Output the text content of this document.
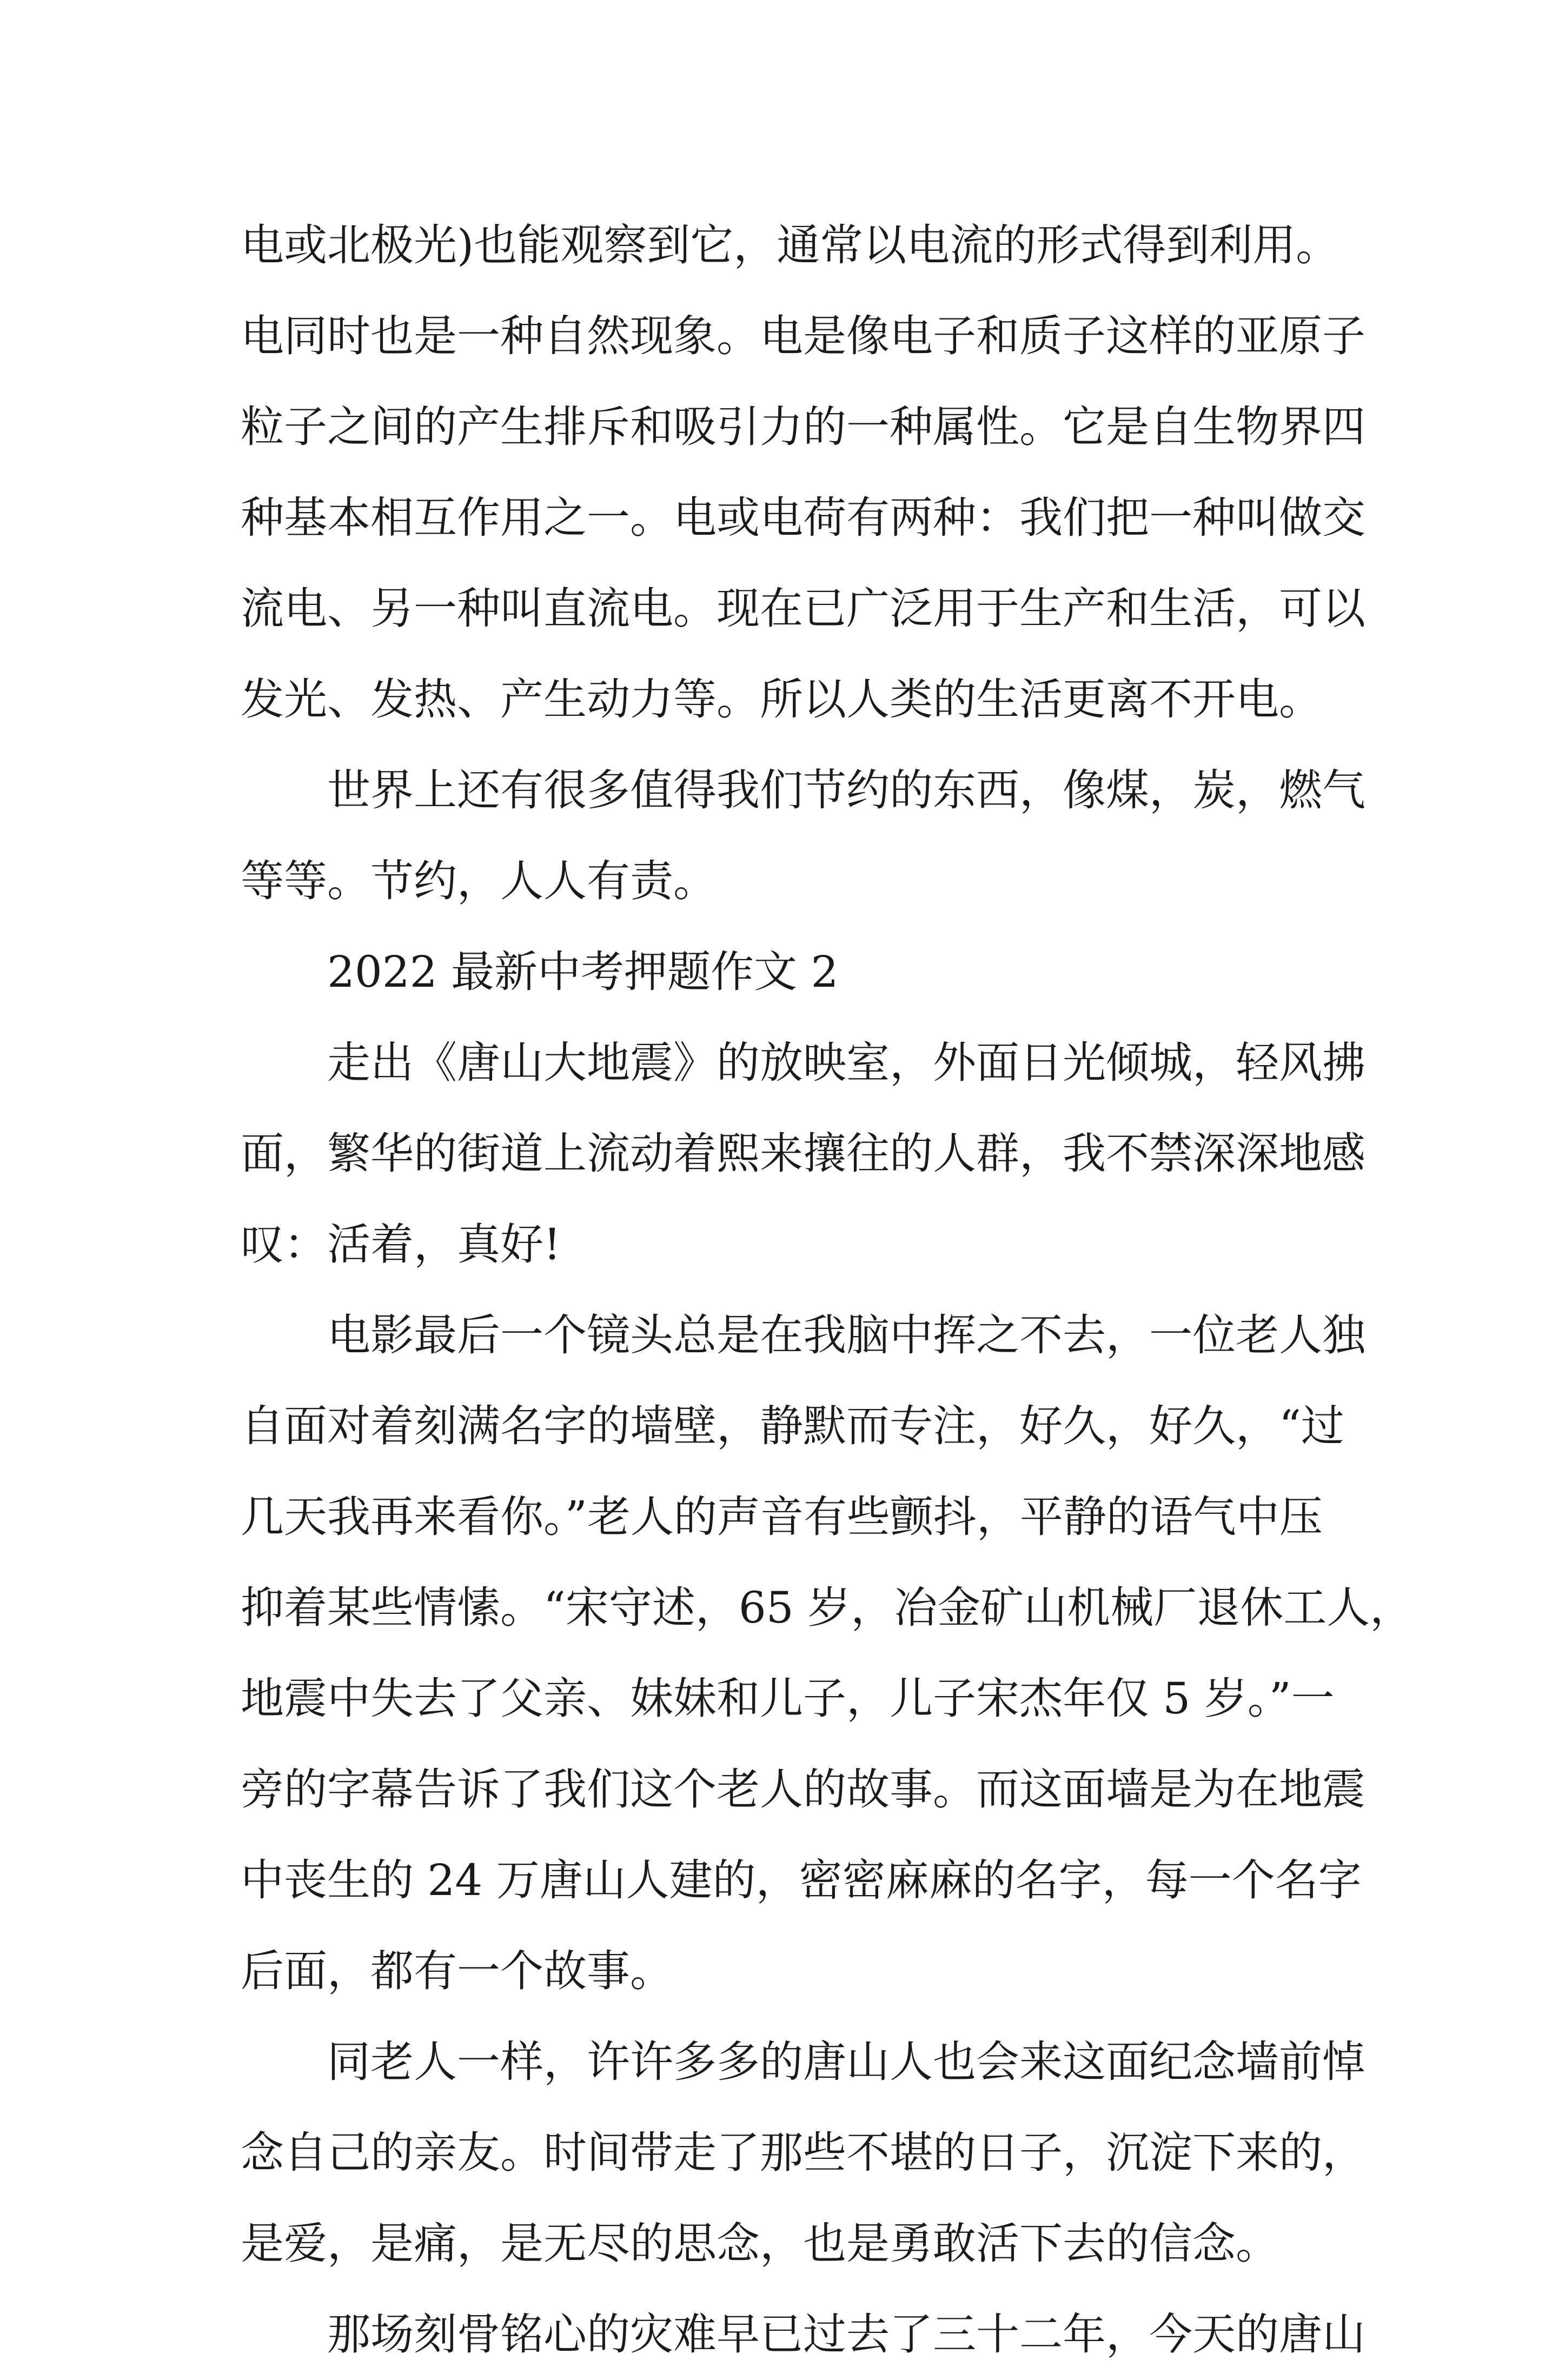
电或北极光)也能观察到它，通常以电流的形式得到利用。
电同时也是一种自然现象。电是像电子和质子这样的亚原子
粒子之间的产生排斥和吸引力的一种属性。它是自生物界四
种基本相互作用之一。电或电荷有两种：我们把一种叫做交
流电、另一种叫直流电。现在已广泛用于生产和生活，可以
发光、发热、产生动力等。所以人类的生活更离不开电。
世界上还有很多值得我们节约的东西，像煤，炭，燃气
等等。节约，人人有责。
2022 最新中考押题作文 2
走出《唐山大地震》的放映室，外面日光倾城，轻风拂
面，繁华的街道上流动着熙来攘往的人群，我不禁深深地感
叹：活着，真好!
电影最后一个镜头总是在我脑中挥之不去，一位老人独
自面对着刻满名字的墙壁，静默而专注，好久，好久，“过
几天我再来看你。”老人的声音有些颤抖，平静的语气中压
抑着某些情愫。“宋守述，65 岁，冶金矿山机械厂退休工人，
地震中失去了父亲、妹妹和儿子，儿子宋杰年仅 5 岁。”一
旁的字幕告诉了我们这个老人的故事。而这面墙是为在地震
中丧生的 24 万唐山人建的，密密麻麻的名字，每一个名字
后面，都有一个故事。
同老人一样，许许多多的唐山人也会来这面纪念墙前悼
念自己的亲友。时间带走了那些不堪的日子，沉淀下来的，
是爱，是痛，是无尽的思念，也是勇敢活下去的信念。
那场刻骨铭心的灾难早已过去了三十二年，今天的唐山
